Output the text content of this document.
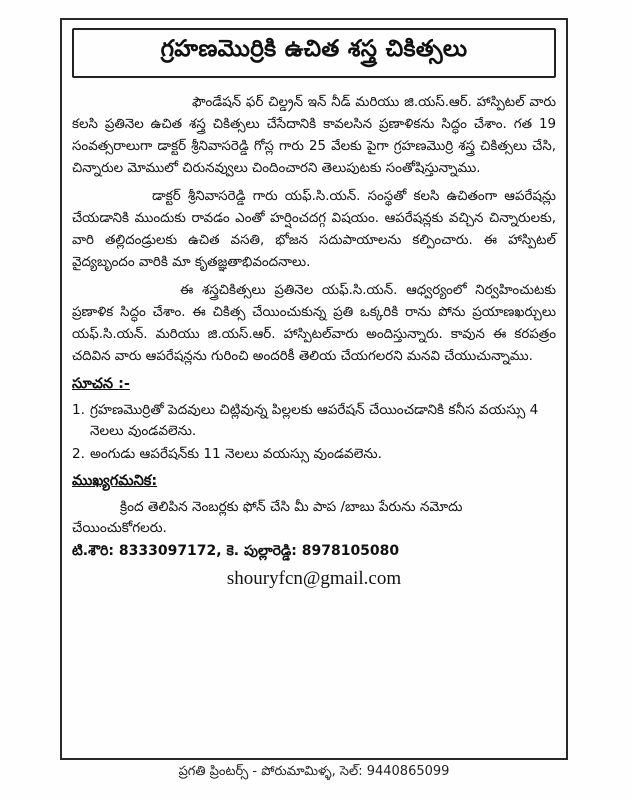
గ్రహణమొర్రికి ఉచిత శస్త్ర చికిత్సలు

ఫౌండేషన్ ఫర్ చిల్డ్రన్ ఇన్ నీడ్ మరియు జి.యస్.ఆర్. హాస్పిటల్ వారు కలసి ప్రతినెల ఉచిత శస్త్ర చికిత్సలు చేసేదానికి కావలసిన ప్రణాళికను సిద్ధం చేశాం. గత 19 సంవత్సరాలుగా డాక్టర్ శ్రీనివాసరెడ్డి గోస్ల గారు 25 వేలకు పైగా గ్రహణమొర్రి శస్త్ర చికిత్సలు చేసి, చిన్నారుల మోములో చిరునవ్వులు చిందించారని తెలుపుటకు సంతోషిస్తున్నాము.

డాక్టర్ శ్రీనివాసరెడ్డి గారు యఫ్.సి.యన్. సంస్థతో కలసి ఉచితంగా ఆపరేషన్లు చేయడానికి ముందుకు రావడం ఎంతో హర్షించదగ్గ విషయం. ఆపరేషన్లకు వచ్చిన చిన్నారులకు, వారి తల్లిదండ్రులకు ఉచిత వసతి, భోజన సదుపాయాలను కల్పించారు. ఈ హాస్పిటల్ వైద్యబృందం వారికి మా కృతజ్ఞతాభివందనాలు.

ఈ శస్త్రచికిత్సలు ప్రతినెల యఫ్.సి.యన్. ఆధ్వర్యంలో నిర్వహించుటకు ప్రణాళిక సిద్ధం చేశాం. ఈ చికిత్స చేయించుకున్న ప్రతి ఒక్కరికి రాను పోను ప్రయాణఖర్చులు యఫ్.సి.యన్. మరియు జి.యస్.ఆర్. హాస్పిటల్‌వారు అందిస్తున్నారు. కావున ఈ కరపత్రం చదివిన వారు ఆపరేషన్లను గురించి అందరికీ తెలియ చేయగలరని మనవి చేయుచున్నాము.

సూచన :-
1. గ్రహణమొర్రితో పెదవులు చిట్లివున్న పిల్లలకు ఆపరేషన్ చేయించడానికి కనీస వయస్సు 4 నెలలు వుండవలెను.
2. అంగుడు ఆపరేషన్‌కు 11 నెలలు వయస్సు వుండవలెను.
ముఖ్యగమనిక:

క్రింద తెలిపిన నెంబర్లకు ఫోన్ చేసి మీ పాప /బాబు పేరును నమోదు చేయించుకోగలరు.

టి.శౌరి: 8333097172, కె. పుల్లారెడ్డి: 8978105080
shouryfcn@gmail.com
ప్రగతి ప్రింటర్స్ - పోరుమామిళ్ళ, సెల్: 9440865099
